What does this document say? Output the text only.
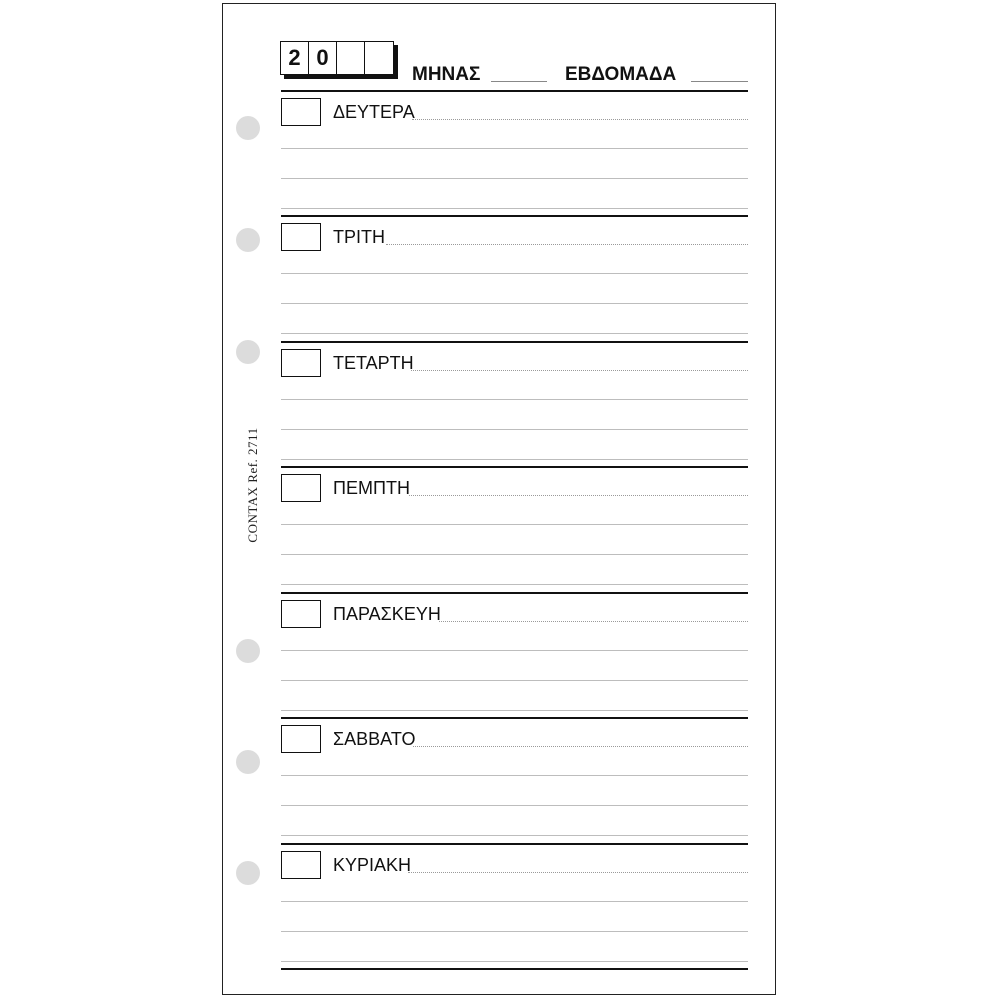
CONTAX Ref. 2711
2 0
ΜΗΝΑΣ	ΕΒΔΟΜΑΔΑ
ΔΕΥΤΕΡΑ
ΤΡΙΤΗ
ΤΕΤΑΡΤΗ
ΠΕΜΠΤΗ
ΠΑΡΑΣΚΕΥΗ
ΣΑΒΒΑΤΟ
ΚΥΡΙΑΚΗ
